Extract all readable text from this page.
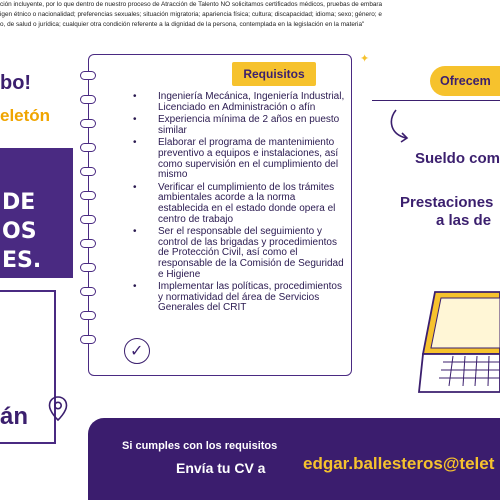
ción incluyente, por lo que dentro de nuestro proceso de Atracción de Talento NO solicitamos certificados médicos, pruebas de embara
igen étnico o nacionalidad; preferencias sexuales; situación migratoria; apariencia física; cultura; discapacidad; idioma; sexo; género; e
o, de salud o jurídica; cualquier otra condición referente a la dignidad de la persona, contemplada en la legislación en la materia"
bo!
eletón
DE
OS
ES.
án
Requisitos
• Ingeniería Mecánica, Ingeniería Industrial, Licenciado en Administración o afín
• Experiencia mínima de 2 años en puesto similar
• Elaborar el programa de mantenimiento preventivo a equipos e instalaciones, así como supervisión en el cumplimiento del mismo
• Verificar el cumplimiento de los trámites ambientales acorde a la norma establecida en el estado donde opera el centro de trabajo
• Ser el responsable del seguimiento y control de las brigadas y procedimientos de Protección Civil, así como el responsable de la Comisión de Seguridad e Higiene
• Implementar las políticas, procedimientos y normatividad del área de Servicios Generales del CRIT
✓
✦
Ofrecem
Sueldo com
Prestaciones
a las de
Si cumples con los requisitos
Envía tu CV a edgar.ballesteros@telet
